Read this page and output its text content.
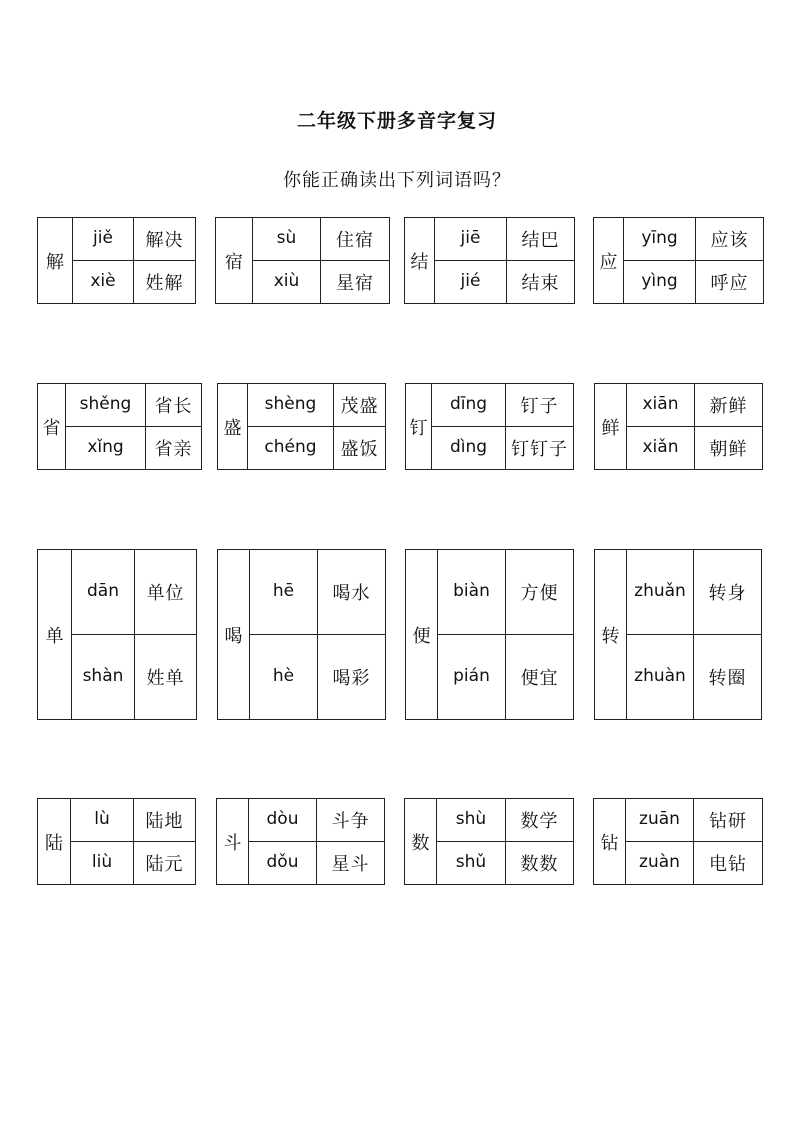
二年级下册多音字复习
你能正确读出下列词语吗？
解	jiě	解决
	xiè	姓解
宿	sù	住宿
	xiù	星宿
结	jiē	结巴
	jié	结束
应	yīng	应该
	yìng	呼应
省	shěng	省长
	xǐng	省亲
盛	shèng	茂盛
	chéng	盛饭
钉	dīng	钉子
	dìng	钉钉子
鲜	xiān	新鲜
	xiǎn	朝鲜
单	dān	单位
	shàn	姓单
喝	hē	喝水
	hè	喝彩
便	biàn	方便
	pián	便宜
转	zhuǎn	转身
	zhuàn	转圈
陆	lù	陆地
	liù	陆元
斗	dòu	斗争
	dǒu	星斗
数	shù	数学
	shǔ	数数
钻	zuān	钻研
	zuàn	电钻
